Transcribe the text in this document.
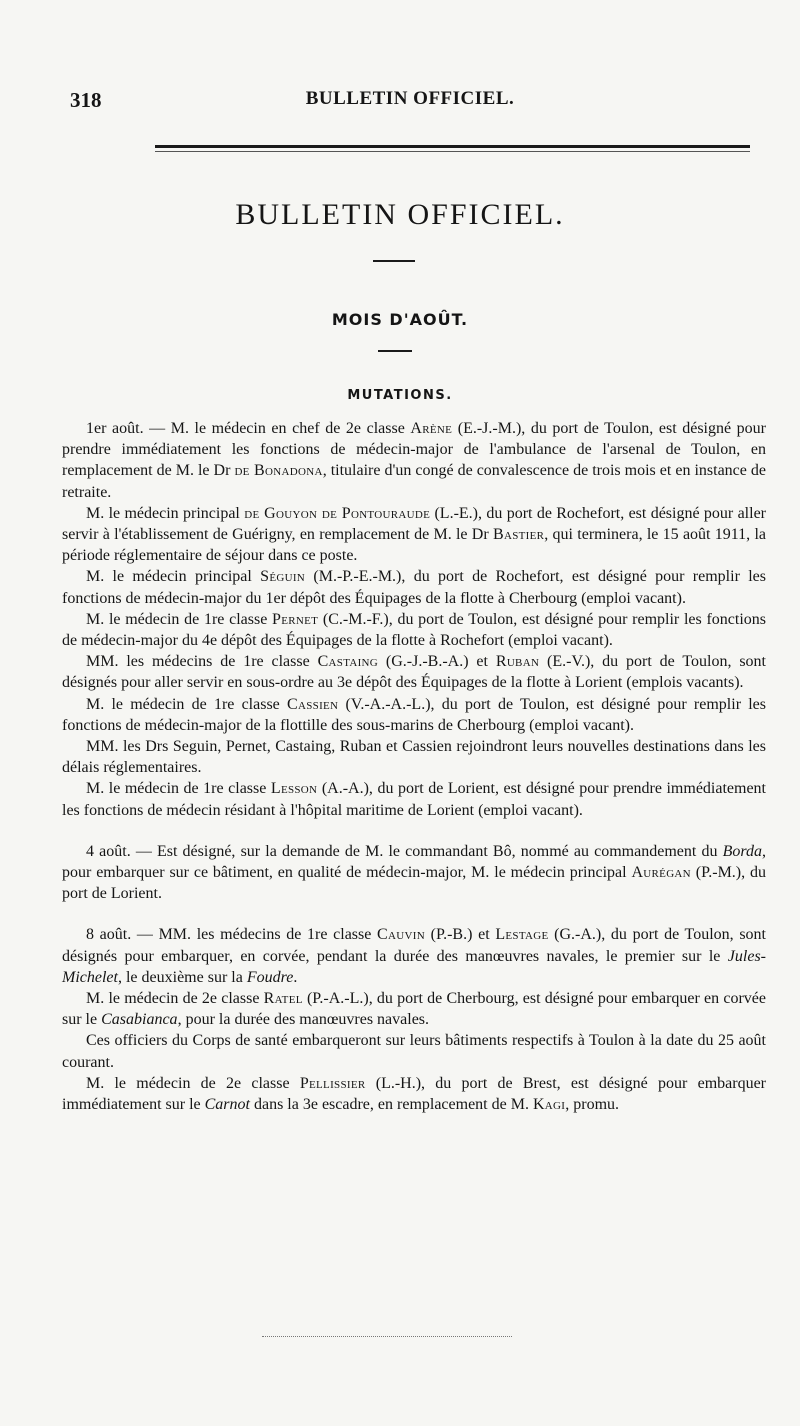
318	BULLETIN OFFICIEL.
BULLETIN OFFICIEL.
MOIS D'AOÛT.
MUTATIONS.

1er août. — M. le médecin en chef de 2e classe Arène (E.-J.-M.), du port de Toulon, est désigné pour prendre immédiatement les fonctions de médecin-major de l'ambulance de l'arsenal de Toulon, en remplacement de M. le Dr de Bonadona, titulaire d'un congé de convalescence de trois mois et en instance de retraite.

M. le médecin principal de Gouyon de Pontouraude (L.-E.), du port de Rochefort, est désigné pour aller servir à l'établissement de Guérigny, en remplacement de M. le Dr Bastier, qui terminera, le 15 août 1911, la période réglementaire de séjour dans ce poste.

M. le médecin principal Séguin (M.-P.-E.-M.), du port de Rochefort, est désigné pour remplir les fonctions de médecin-major du 1er dépôt des Équipages de la flotte à Cherbourg (emploi vacant).

M. le médecin de 1re classe Pernet (C.-M.-F.), du port de Toulon, est désigné pour remplir les fonctions de médecin-major du 4e dépôt des Équipages de la flotte à Rochefort (emploi vacant).

MM. les médecins de 1re classe Castaing (G.-J.-B.-A.) et Ruban (E.-V.), du port de Toulon, sont désignés pour aller servir en sous-ordre au 3e dépôt des Équipages de la flotte à Lorient (emplois vacants).

M. le médecin de 1re classe Cassien (V.-A.-A.-L.), du port de Toulon, est désigné pour remplir les fonctions de médecin-major de la flottille des sous-marins de Cherbourg (emploi vacant).

MM. les Drs Seguin, Pernet, Castaing, Ruban et Cassien rejoindront leurs nouvelles destinations dans les délais réglementaires.

M. le médecin de 1re classe Lesson (A.-A.), du port de Lorient, est désigné pour prendre immédiatement les fonctions de médecin résidant à l'hôpital maritime de Lorient (emploi vacant).

4 août. — Est désigné, sur la demande de M. le commandant Bô, nommé au commandement du Borda, pour embarquer sur ce bâtiment, en qualité de médecin-major, M. le médecin principal Aurégan (P.-M.), du port de Lorient.

8 août. — MM. les médecins de 1re classe Cauvin (P.-B.) et Lestage (G.-A.), du port de Toulon, sont désignés pour embarquer, en corvée, pendant la durée des manœuvres navales, le premier sur le Jules-Michelet, le deuxième sur la Foudre.

M. le médecin de 2e classe Ratel (P.-A.-L.), du port de Cherbourg, est désigné pour embarquer en corvée sur le Casabianca, pour la durée des manœuvres navales.

Ces officiers du Corps de santé embarqueront sur leurs bâtiments respectifs à Toulon à la date du 25 août courant.

M. le médecin de 2e classe Pellissier (L.-H.), du port de Brest, est désigné pour embarquer immédiatement sur le Carnot dans la 3e escadre, en remplacement de M. Kagi, promu.
